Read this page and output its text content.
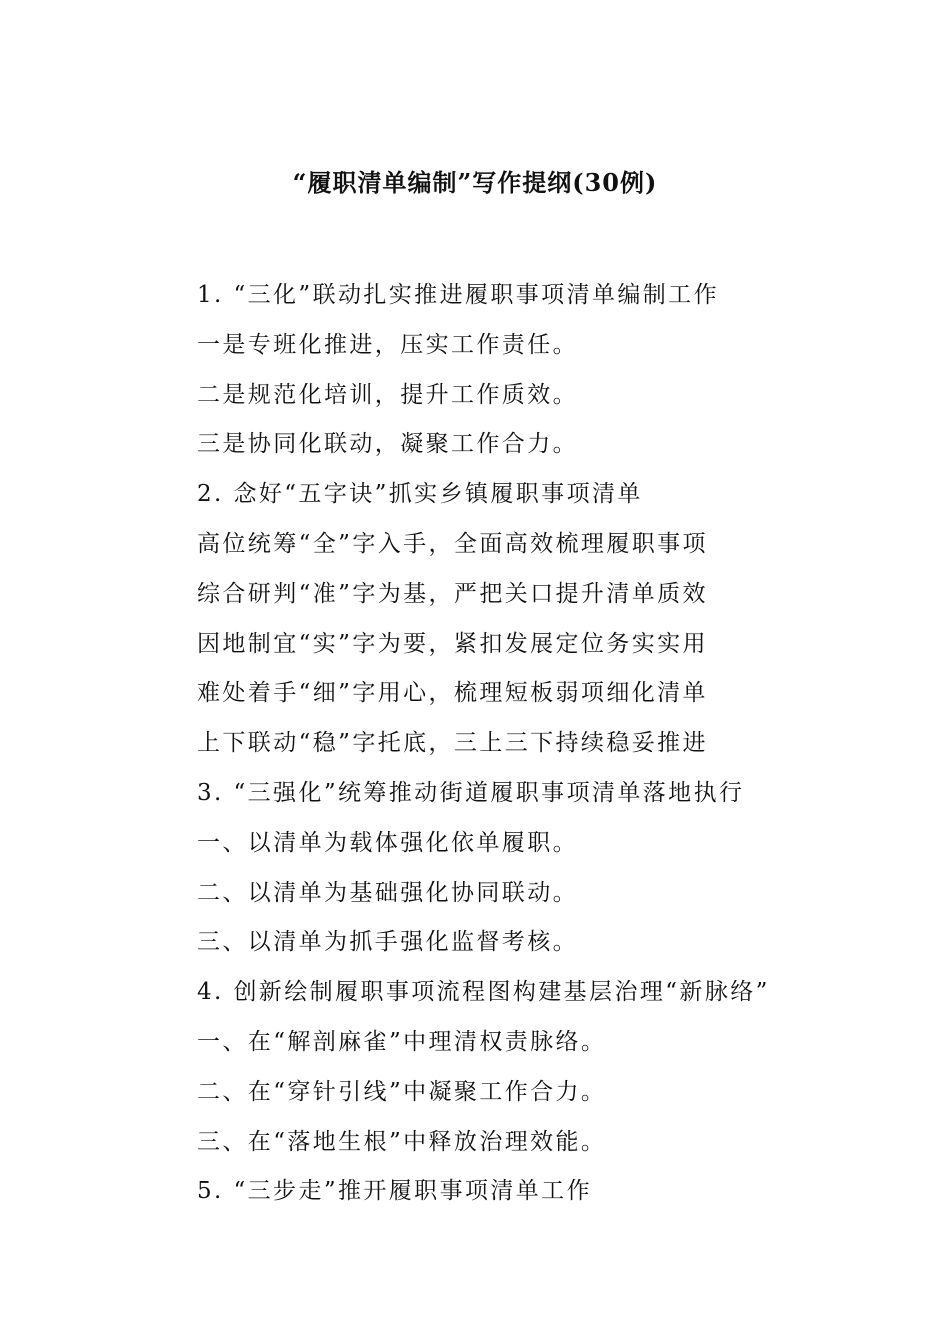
“履职清单编制”写作提纲(30例)
1. “三化”联动扎实推进履职事项清单编制工作
一是专班化推进，压实工作责任。
二是规范化培训，提升工作质效。
三是协同化联动，凝聚工作合力。
2. 念好“五字诀”抓实乡镇履职事项清单
高位统筹“全”字入手，全面高效梳理履职事项
综合研判“准”字为基，严把关口提升清单质效
因地制宜“实”字为要，紧扣发展定位务实实用
难处着手“细”字用心，梳理短板弱项细化清单
上下联动“稳”字托底，三上三下持续稳妥推进
3. “三强化”统筹推动街道履职事项清单落地执行
一、以清单为载体强化依单履职。
二、以清单为基础强化协同联动。
三、以清单为抓手强化监督考核。
4. 创新绘制履职事项流程图构建基层治理“新脉络”
一、在“解剖麻雀”中理清权责脉络。
二、在“穿针引线”中凝聚工作合力。
三、在“落地生根”中释放治理效能。
5. “三步走”推开履职事项清单工作
